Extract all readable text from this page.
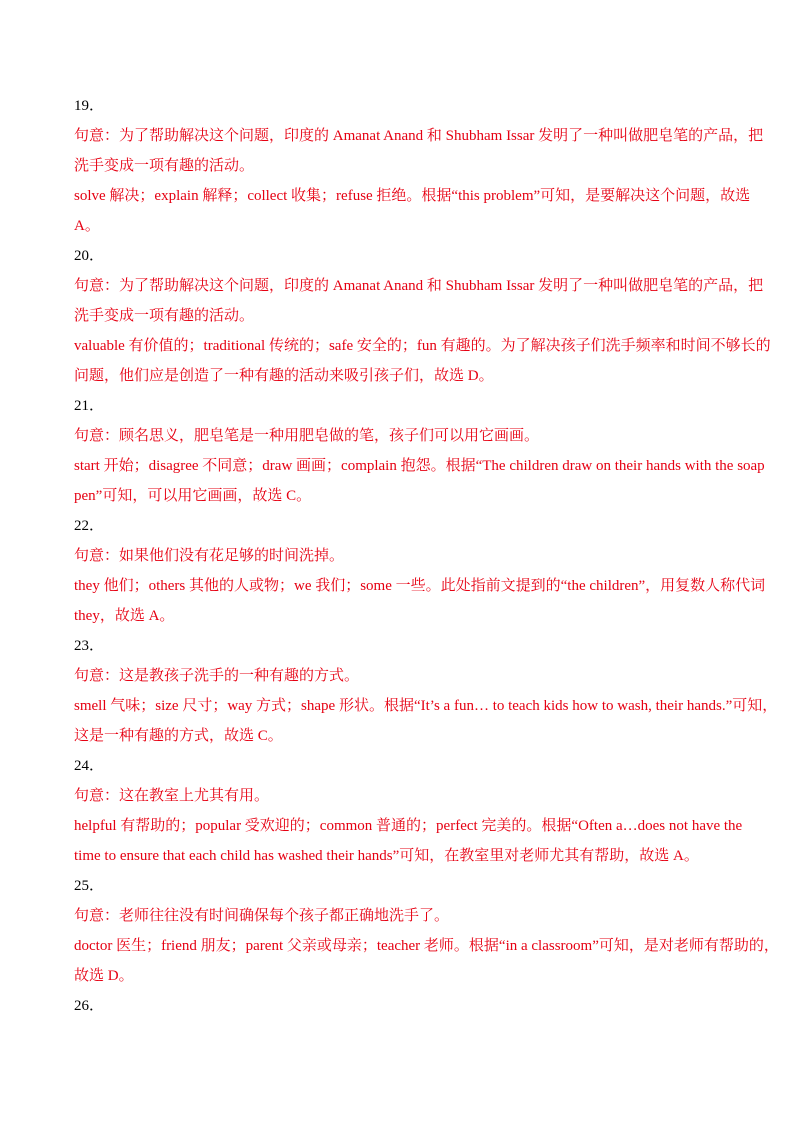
19．
句意：为了帮助解决这个问题，印度的 Amanat Anand 和 Shubham Issar 发明了一种叫做肥皂笔的产品，把
洗手变成一项有趣的活动。
solve 解决；explain 解释；collect 收集；refuse 拒绝。根据“this problem”可知，是要解决这个问题，故选
A。
20．
句意：为了帮助解决这个问题，印度的 Amanat Anand 和 Shubham Issar 发明了一种叫做肥皂笔的产品，把
洗手变成一项有趣的活动。
valuable 有价值的；traditional 传统的；safe 安全的；fun 有趣的。为了解决孩子们洗手频率和时间不够长的
问题，他们应是创造了一种有趣的活动来吸引孩子们，故选 D。
21．
句意：顾名思义，肥皂笔是一种用肥皂做的笔，孩子们可以用它画画。
start 开始；disagree 不同意；draw 画画；complain 抱怨。根据“The children draw on their hands with the soap
pen”可知，可以用它画画，故选 C。
22．
句意：如果他们没有花足够的时间洗掉。
they 他们；others 其他的人或物；we 我们；some 一些。此处指前文提到的“the children”，用复数人称代词
they，故选 A。
23．
句意：这是教孩子洗手的一种有趣的方式。
smell 气味；size 尺寸；way 方式；shape 形状。根据“It’s a fun… to teach kids how to wash, their hands.”可知，
这是一种有趣的方式，故选 C。
24．
句意：这在教室上尤其有用。
helpful 有帮助的；popular 受欢迎的；common 普通的；perfect 完美的。根据“Often a…does not have the
time to ensure that each child has washed their hands”可知，在教室里对老师尤其有帮助，故选 A。
25．
句意：老师往往没有时间确保每个孩子都正确地洗手了。
doctor 医生；friend 朋友；parent 父亲或母亲；teacher 老师。根据“in a classroom”可知，是对老师有帮助的，
故选 D。
26．
